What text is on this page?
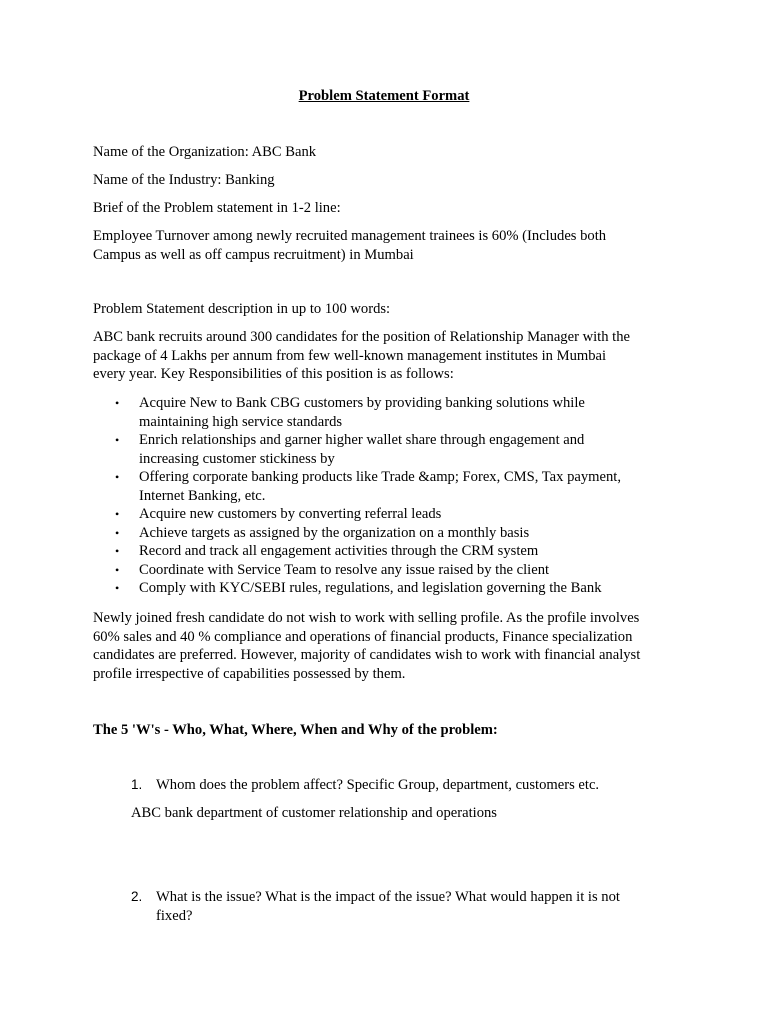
Problem Statement Format

Name of the Organization: ABC Bank

Name of the Industry: Banking

Brief of the Problem statement in 1-2 line:

Employee Turnover among newly recruited management trainees is 60% (Includes both
Campus as well as off campus recruitment) in Mumbai

Problem Statement description in up to 100 words:

ABC bank recruits around 300 candidates for the position of Relationship Manager with the
package of 4 Lakhs per annum from few well-known management institutes in Mumbai
every year. Key Responsibilities of this position is as follows:
• Acquire New to Bank CBG customers by providing banking solutions while
maintaining high service standards
• Enrich relationships and garner higher wallet share through engagement and
increasing customer stickiness by
• Offering corporate banking products like Trade &amp; Forex, CMS, Tax payment,
Internet Banking, etc.
• Acquire new customers by converting referral leads
• Achieve targets as assigned by the organization on a monthly basis
• Record and track all engagement activities through the CRM system
• Coordinate with Service Team to resolve any issue raised by the client
• Comply with KYC/SEBI rules, regulations, and legislation governing the Bank
Newly joined fresh candidate do not wish to work with selling profile. As the profile involves
60% sales and 40 % compliance and operations of financial products, Finance specialization
candidates are preferred. However, majority of candidates wish to work with financial analyst
profile irrespective of capabilities possessed by them.

The 5 'W's - Who, What, Where, When and Why of the problem:

1. Whom does the problem affect? Specific Group, department, customers etc.

ABC bank department of customer relationship and operations

2. What is the issue? What is the impact of the issue? What would happen it is not
fixed?
